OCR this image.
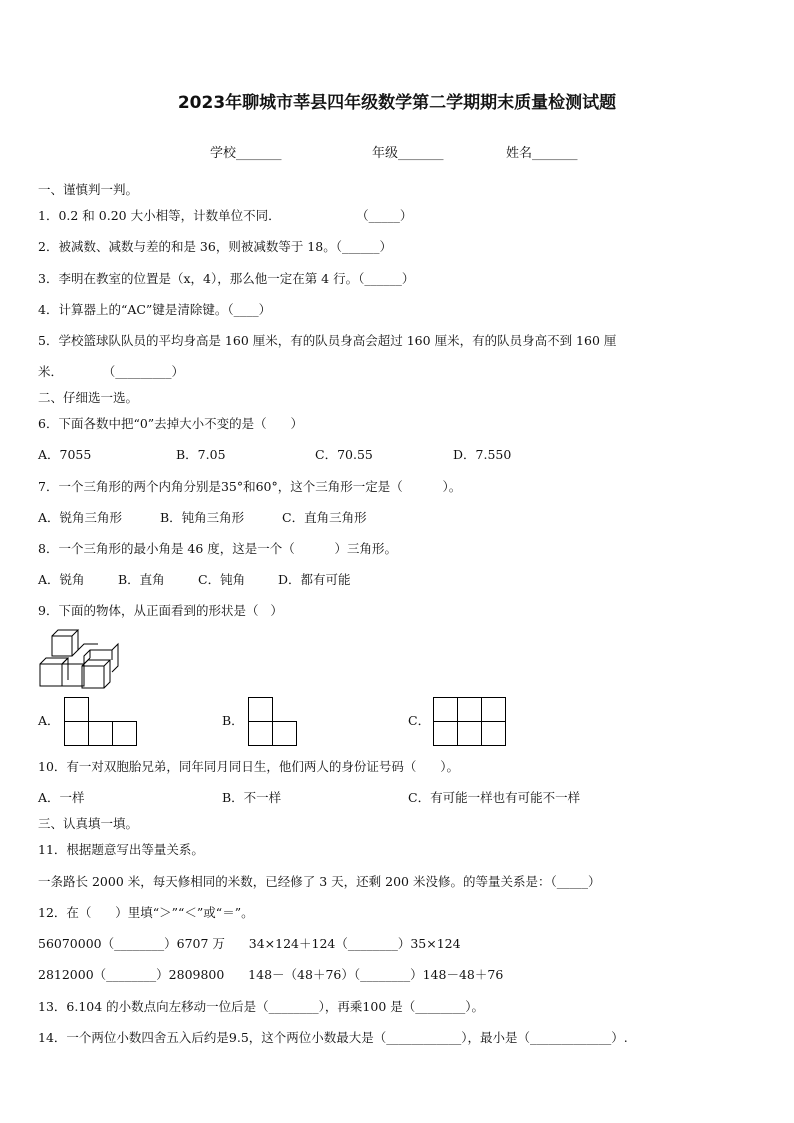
2023年聊城市莘县四年级数学第二学期期末质量检测试题
学校_______	年级_______	姓名_______
一、谨慎判一判。
1．0.2 和 0.20 大小相等，计数单位不同．                   （_____）
2．被减数、减数与差的和是 36，则被减数等于 18。（______）
3．李明在教室的位置是（x，4），那么他一定在第 4 行。（______）
4．计算器上的“AC”键是清除键。（____）
5．学校篮球队队员的平均身高是 160 厘米，有的队员身高会超过 160 厘米，有的队员身高不到 160 厘
米．          （_________）
二、仔细选一选。
6．下面各数中把“0”去掉大小不变的是（      ）
A．7055	B．7.05	C．70.55	D．7.550
7．一个三角形的两个内角分别是35°和60°，这个三角形一定是（          ）。
A．锐角三角形	B．钝角三角形	C．直角三角形
8．一个三角形的最小角是 46 度，这是一个（          ）三角形。
A．锐角	B．直角	C．钝角	D．都有可能
9．下面的物体，从正面看到的形状是（   ）
A．	B．	C．
10．有一对双胞胎兄弟，同年同月同日生，他们两人的身份证号码（      ）。
A．一样	B．不一样	C．有可能一样也有可能不一样
三、认真填一填。
11．根据题意写出等量关系。
一条路长 2000 米，每天修相同的米数，已经修了 3 天，还剩 200 米没修。的等量关系是：（_____）
12．在（      ）里填“＞”“＜”或“＝”。
56070000（________）6707 万      34×124＋124（________）35×124
2812000（________）2809800      148－（48＋76）（________）148－48＋76
13．6.104 的小数点向左移动一位后是（________），再乘100 是（________）。
14．一个两位小数四舍五入后约是9.5，这个两位小数最大是（____________），最小是（_____________）.
